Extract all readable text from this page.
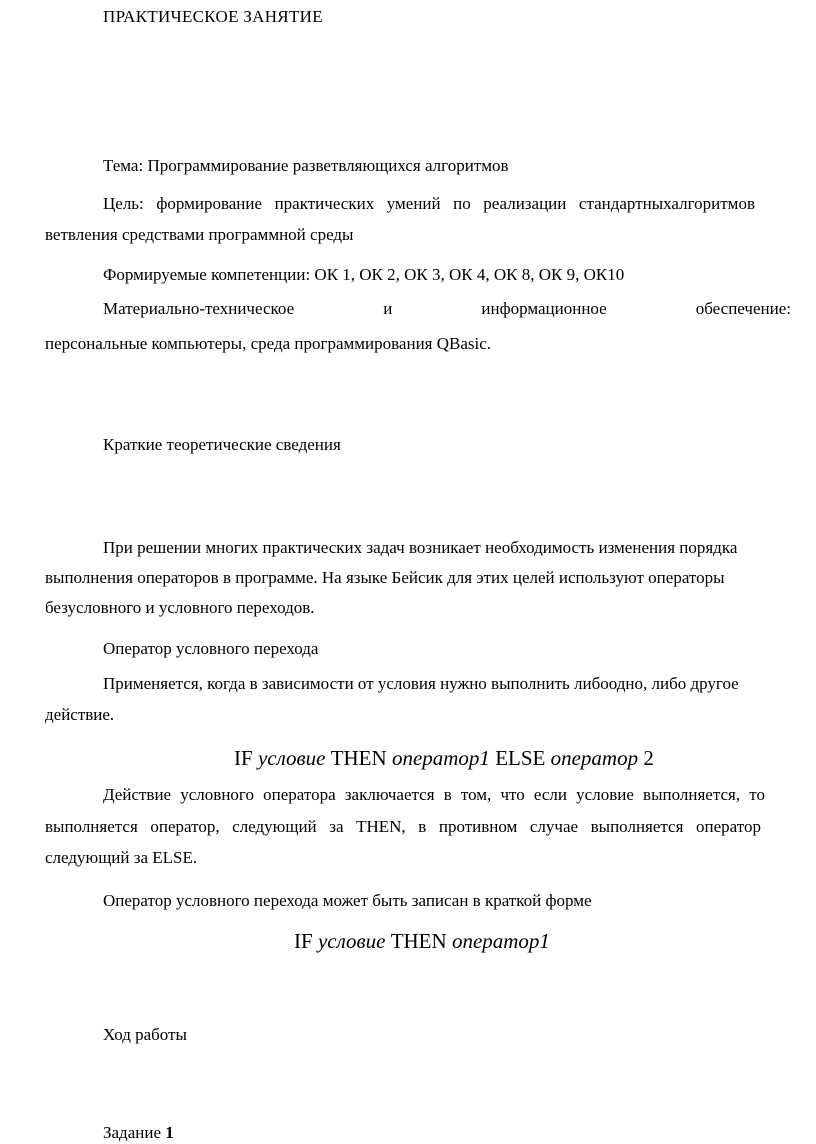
ПРАКТИЧЕСКОЕ ЗАНЯТИЕ
Тема: Программирование разветвляющихся алгоритмов
Цель: формирование практических умений по реализации стандартныхалгоритмов
ветвления средствами программной среды
Формируемые компетенции: ОК 1, ОК 2, ОК 3, ОК 4, ОК 8, ОК 9, ОК10
Материально-техническое	и	информационное	обеспечение:
персональные компьютеры, среда программирования QBasic.
Краткие теоретические сведения
При решении многих практических задач возникает необходимость изменения порядка
выполнения операторов в программе. На языке Бейсик для этих целей используют операторы
безусловного и условного переходов.
Оператор условного перехода
Применяется, когда в зависимости от условия нужно выполнить либоодно, либо другое
действие.
IF условие THEN оператор1 ELSE оператор 2
Действие условного оператора заключается в том, что если условие выполняется, то
выполняется оператор, следующий за THEN, в противном случае выполняется оператор
следующий за ELSE.
Оператор условного перехода может быть записан в краткой форме
IF условие THEN оператор1
Ход работы
Задание 1
